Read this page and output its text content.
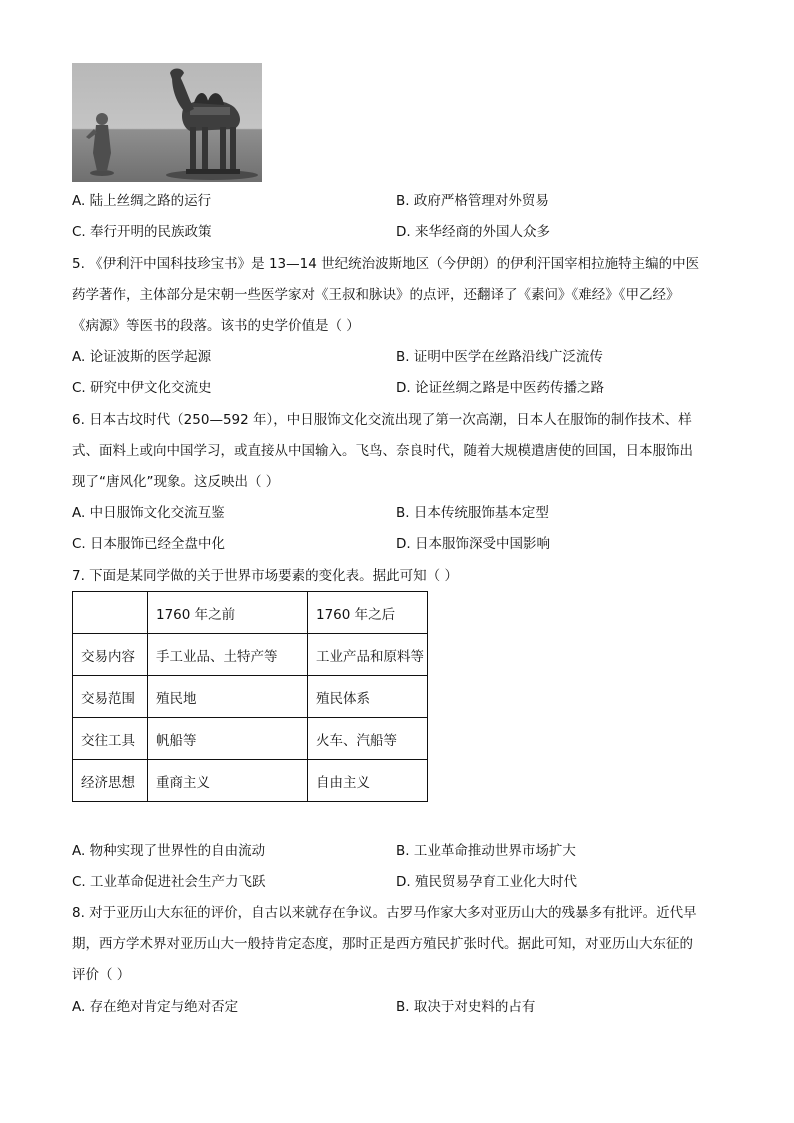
A. 陆上丝绸之路的运行	B. 政府严格管理对外贸易
C. 奉行开明的民族政策	D. 来华经商的外国人众多
5. 《伊利汗中国科技珍宝书》是 13—14 世纪统治波斯地区（今伊朗）的伊利汗国宰相拉施特主编的中医
药学著作，主体部分是宋朝一些医学家对《王叔和脉诀》的点评，还翻译了《素问》《难经》《甲乙经》
《病源》等医书的段落。该书的史学价值是（ ）
A. 论证波斯的医学起源	B. 证明中医学在丝路沿线广泛流传
C. 研究中伊文化交流史	D. 论证丝绸之路是中医药传播之路
6. 日本古坟时代（250—592 年），中日服饰文化交流出现了第一次高潮，日本人在服饰的制作技术、样
式、面料上或向中国学习，或直接从中国输入。飞鸟、奈良时代，随着大规模遣唐使的回国，日本服饰出
现了“唐风化”现象。这反映出（ ）
A. 中日服饰文化交流互鉴	B. 日本传统服饰基本定型
C. 日本服饰已经全盘中化	D. 日本服饰深受中国影响
7. 下面是某同学做的关于世界市场要素的变化表。据此可知（ ）
	1760 年之前	1760 年之后
交易内容	手工业品、土特产等	工业产品和原料等
交易范围	殖民地	殖民体系
交往工具	帆船等	火车、汽船等
经济思想	重商主义	自由主义
A. 物种实现了世界性的自由流动	B. 工业革命推动世界市场扩大
C. 工业革命促进社会生产力飞跃	D. 殖民贸易孕育工业化大时代
8. 对于亚历山大东征的评价，自古以来就存在争议。古罗马作家大多对亚历山大的残暴多有批评。近代早
期，西方学术界对亚历山大一般持肯定态度，那时正是西方殖民扩张时代。据此可知，对亚历山大东征的
评价（ ）
A. 存在绝对肯定与绝对否定	B. 取决于对史料的占有
